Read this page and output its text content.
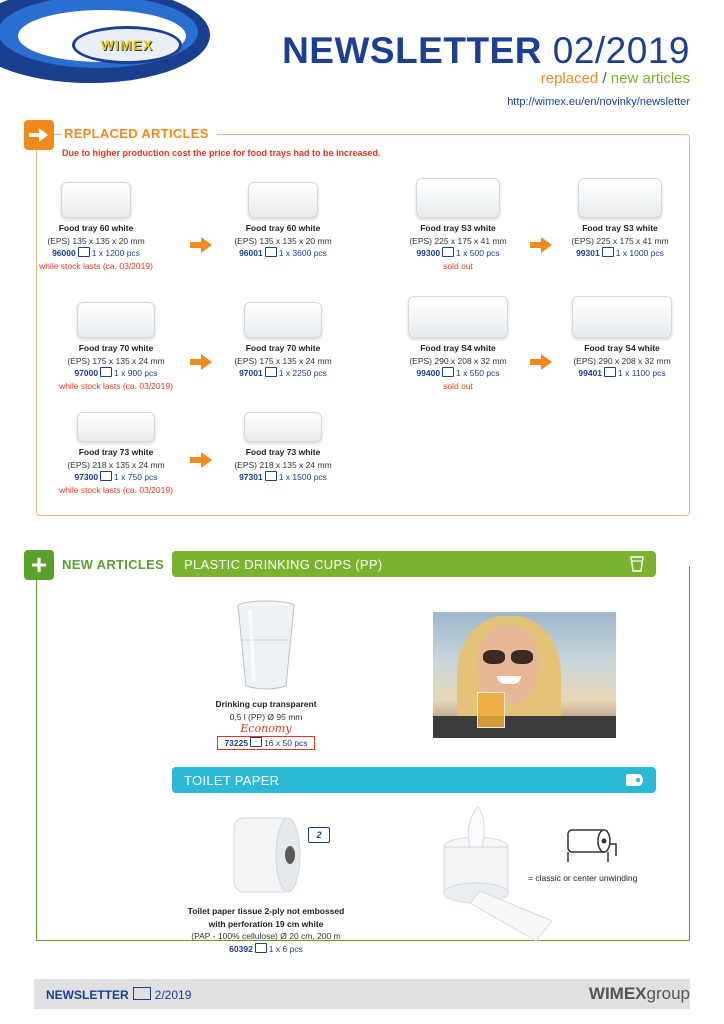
WIMEX	NEWSLETTER 02/2019
replaced / new articles
http://wimex.eu/en/novinky/newsletter
REPLACED ARTICLES
Due to higher production cost the price for food trays had to be increased.
Food tray 60 white
(EPS) 135 x 135 x 20 mm
96000 1 x 1200 pcs
while stock lasts (ca. 03/2019)
Food tray 60 white
(EPS) 135 x 135 x 20 mm
96001 1 x 3600 pcs
Food tray S3 white
(EPS) 225 x 175 x 41 mm
99300 1 x 500 pcs
sold out
Food tray S3 white
(EPS) 225 x 175 x 41 mm
99301 1 x 1000 pcs
Food tray 70 white
(EPS) 175 x 135 x 24 mm
97000 1 x 900 pcs
while stock lasts (ca. 03/2019)
Food tray 70 white
(EPS) 175 x 135 x 24 mm
97001 1 x 2250 pcs
Food tray S4 white
(EPS) 290 x 208 x 32 mm
99400 1 x 550 pcs
sold out
Food tray S4 white
(EPS) 290 x 208 x 32 mm
99401 1 x 1100 pcs
Food tray 73 white
(EPS) 218 x 135 x 24 mm
97300 1 x 750 pcs
while stock lasts (ca. 03/2019)
Food tray 73 white
(EPS) 218 x 135 x 24 mm
97301 1 x 1500 pcs
+ NEW ARTICLES PLASTIC DRINKING CUPS (PP)
Drinking cup transparent
0,5 l (PP) Ø 95 mm
Economy
73225 16 x 50 pcs
TOILET PAPER
2
Toilet paper tissue 2-ply not embossed
with perforation 19 cm white
(PAP - 100% cellulose) Ø 20 cm, 200 m
60392 1 x 6 pcs
= classic or center unwinding
NEWSLETTER 2/2019	WIMEXgroup
